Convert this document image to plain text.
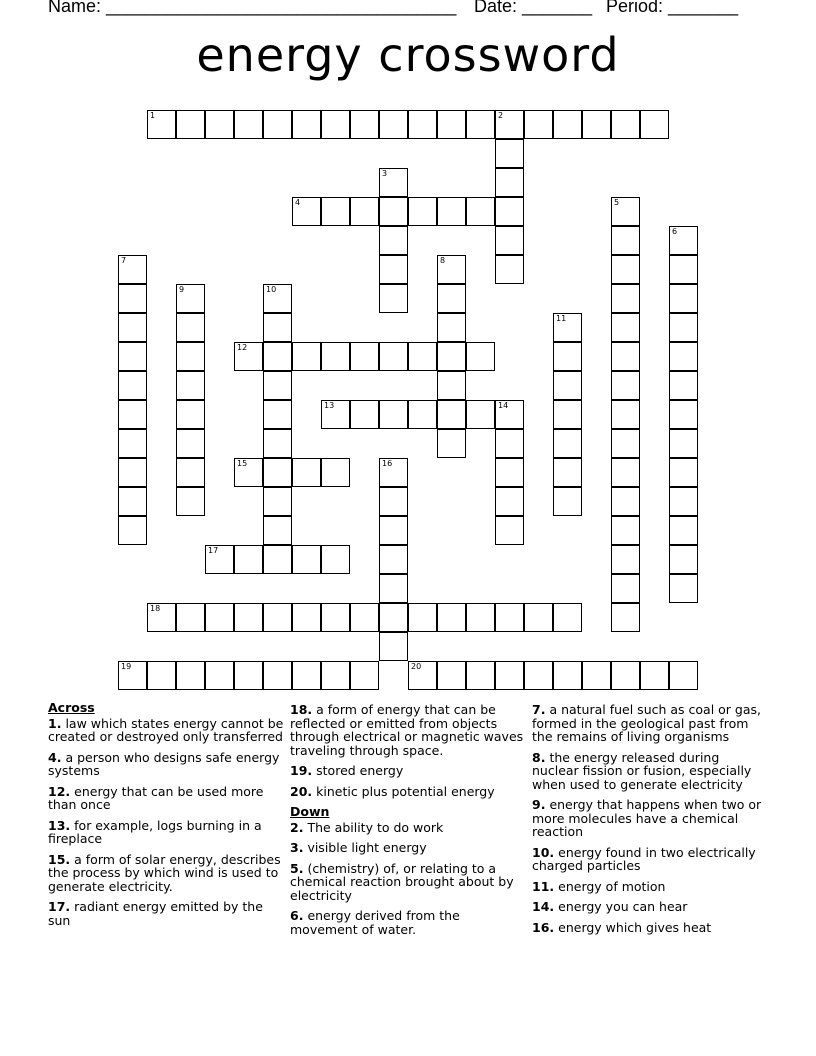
Name: ___________________________________ Date: _______ Period: _______
energy crossword
1	2
3
4	5
6
7	8
9	10
11
12
13	14
15	16
17
18
19	20
Across
1. law which states energy cannot be created or destroyed only transferred
4. a person who designs safe energy systems
12. energy that can be used more than once
13. for example, logs burning in a fireplace
15. a form of solar energy, describes the process by which wind is used to generate electricity.
17. radiant energy emitted by the sun
18. a form of energy that can be reflected or emitted from objects through electrical or magnetic waves traveling through space.
19. stored energy
20. kinetic plus potential energy
Down
2. The ability to do work
3. visible light energy
5. (chemistry) of, or relating to a chemical reaction brought about by electricity
6. energy derived from the movement of water.
7. a natural fuel such as coal or gas, formed in the geological past from the remains of living organisms
8. the energy released during nuclear fission or fusion, especially when used to generate electricity
9. energy that happens when two or more molecules have a chemical reaction
10. energy found in two electrically charged particles
11. energy of motion
14. energy you can hear
16. energy which gives heat
